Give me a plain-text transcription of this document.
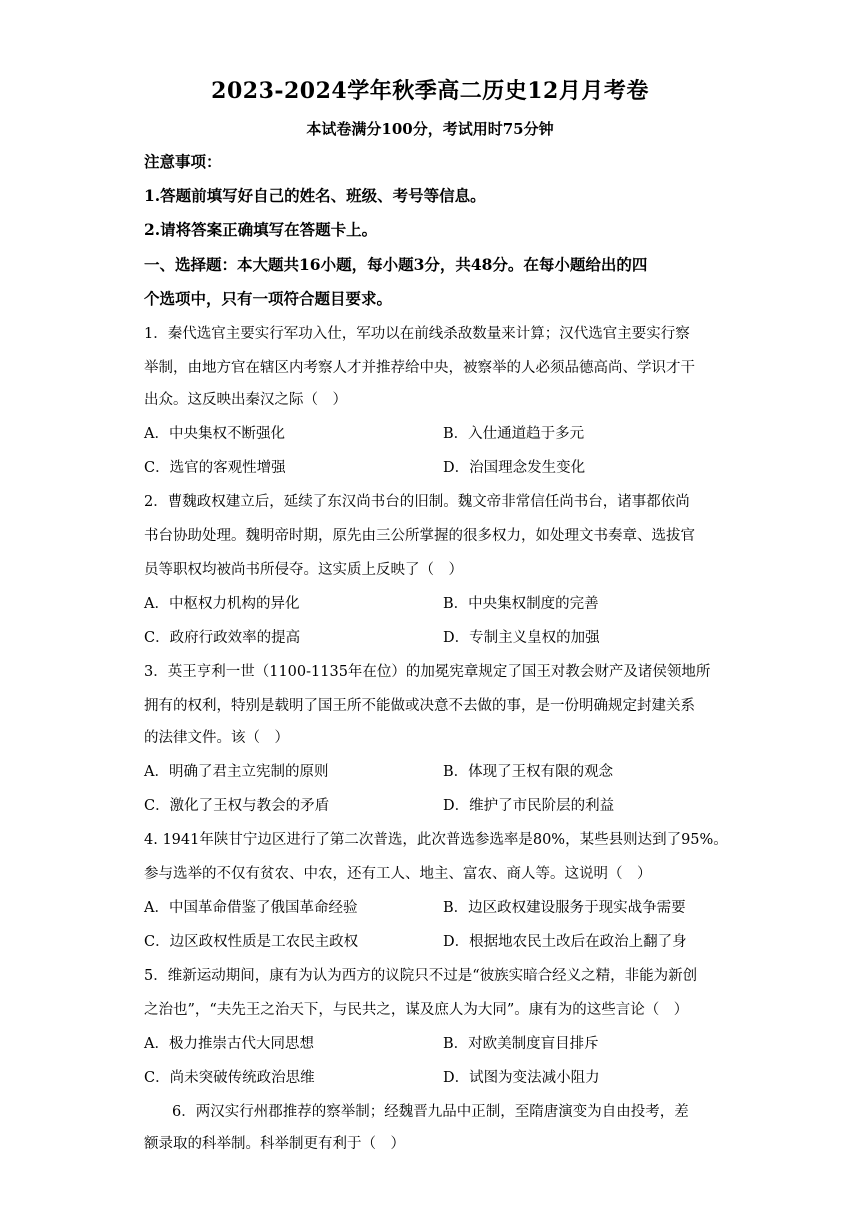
2023-2024学年秋季高二历史12月月考卷
本试卷满分100分，考试用时75分钟
注意事项：
1.答题前填写好自己的姓名、班级、考号等信息。
2.请将答案正确填写在答题卡上。
一、选择题：本大题共16小题，每小题3分，共48分。在每小题给出的四
个选项中，只有一项符合题目要求。
1．秦代选官主要实行军功入仕，军功以在前线杀敌数量来计算；汉代选官主要实行察
举制，由地方官在辖区内考察人才并推荐给中央，被察举的人必须品德高尚、学识才干
出众。这反映出秦汉之际（　）
A．中央集权不断强化	B．入仕通道趋于多元
C．选官的客观性增强	D．治国理念发生变化
2．曹魏政权建立后，延续了东汉尚书台的旧制。魏文帝非常信任尚书台，诸事都依尚
书台协助处理。魏明帝时期，原先由三公所掌握的很多权力，如处理文书奏章、选拔官
员等职权均被尚书所侵夺。这实质上反映了（　）
A．中枢权力机构的异化	B．中央集权制度的完善
C．政府行政效率的提高	D．专制主义皇权的加强
3．英王亨利一世（1100-1135年在位）的加冕宪章规定了国王对教会财产及诸侯领地所
拥有的权利，特别是载明了国王所不能做或决意不去做的事，是一份明确规定封建关系
的法律文件。该（　）
A．明确了君主立宪制的原则	B．体现了王权有限的观念
C．激化了王权与教会的矛盾	D．维护了市民阶层的利益
4. 1941年陕甘宁边区进行了第二次普选，此次普选参选率是80%，某些县则达到了95%。
参与选举的不仅有贫农、中农，还有工人、地主、富农、商人等。这说明（　）
A．中国革命借鉴了俄国革命经验	B．边区政权建设服务于现实战争需要
C．边区政权性质是工农民主政权	D．根据地农民土改后在政治上翻了身
5．维新运动期间，康有为认为西方的议院只不过是“彼族实暗合经义之精，非能为新创
之治也”，“夫先王之治天下，与民共之，谋及庶人为大同”。康有为的这些言论（　）
A．极力推崇古代大同思想	B．对欧美制度盲目排斥
C．尚未突破传统政治思维	D．试图为变法减小阻力
6．两汉实行州郡推荐的察举制；经魏晋九品中正制，至隋唐演变为自由投考，差
额录取的科举制。科举制更有利于（　）
